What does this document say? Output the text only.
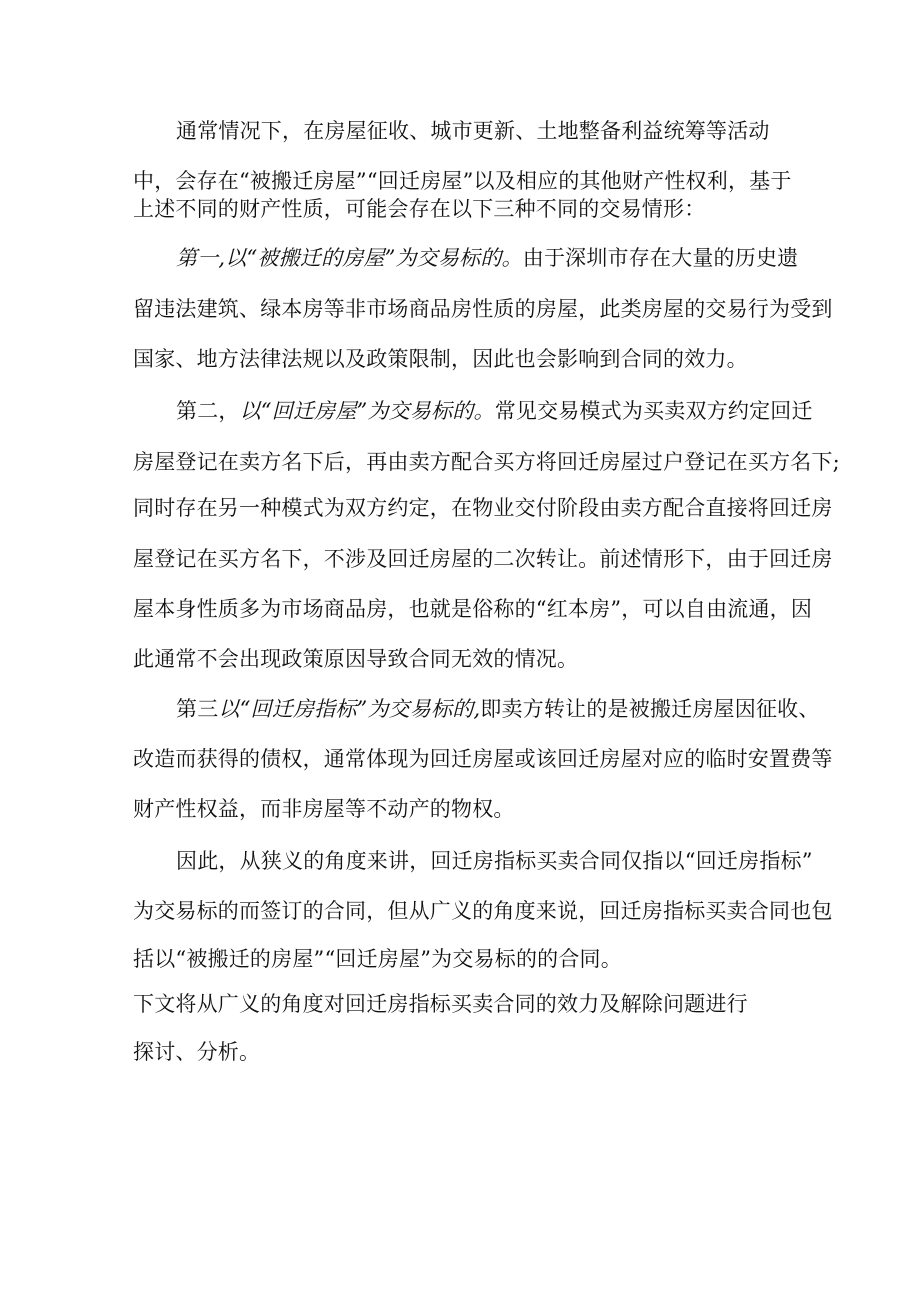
通常情况下，在房屋征收、城市更新、土地整备利益统筹等活动
中，会存在“被搬迁房屋”“回迁房屋”以及相应的其他财产性权利，基于
上述不同的财产性质，可能会存在以下三种不同的交易情形：
第一,以“被搬迁的房屋”为交易标的。由于深圳市存在大量的历史遗
留违法建筑、绿本房等非市场商品房性质的房屋，此类房屋的交易行为受到
国家、地方法律法规以及政策限制，因此也会影响到合同的效力。
第二，以“回迁房屋”为交易标的。常见交易模式为买卖双方约定回迁
房屋登记在卖方名下后，再由卖方配合买方将回迁房屋过户登记在买方名下;
同时存在另一种模式为双方约定，在物业交付阶段由卖方配合直接将回迁房
屋登记在买方名下，不涉及回迁房屋的二次转让。前述情形下，由于回迁房
屋本身性质多为市场商品房，也就是俗称的“红本房”，可以自由流通，因
此通常不会出现政策原因导致合同无效的情况。
第三以“回迁房指标”为交易标的,即卖方转让的是被搬迁房屋因征收、
改造而获得的债权，通常体现为回迁房屋或该回迁房屋对应的临时安置费等
财产性权益，而非房屋等不动产的物权。
因此，从狭义的角度来讲，回迁房指标买卖合同仅指以“回迁房指标”
为交易标的而签订的合同，但从广义的角度来说，回迁房指标买卖合同也包
括以“被搬迁的房屋”“回迁房屋”为交易标的的合同。
下文将从广义的角度对回迁房指标买卖合同的效力及解除问题进行
探讨、分析。
